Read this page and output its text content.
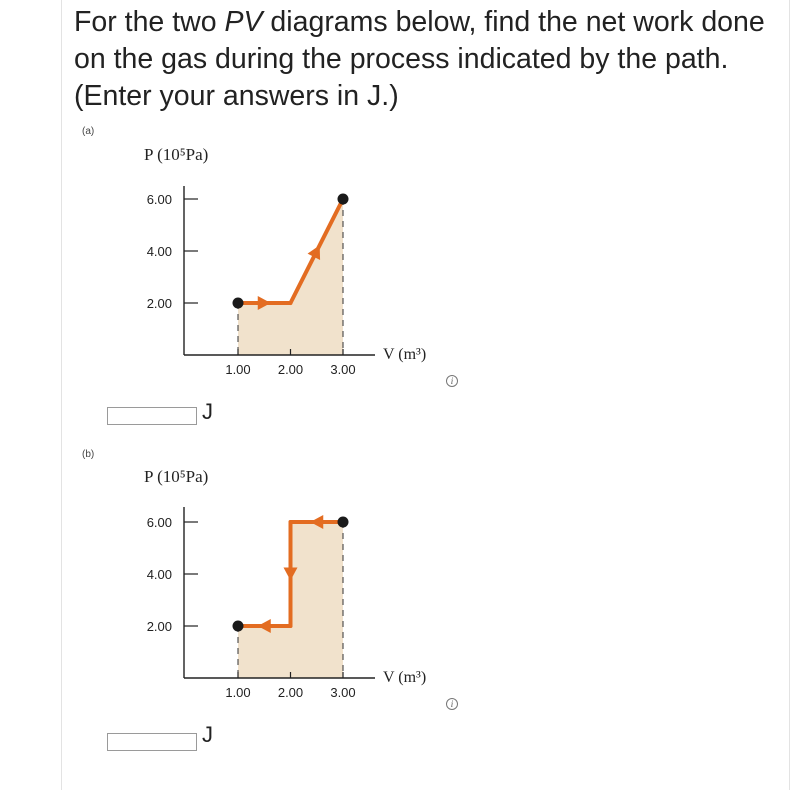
For the two PV diagrams below, find the net work done on the gas during the process indicated by the path. (Enter your answers in J.)

(a)
6.00
4.00
2.00
1.00 2.00 3.00
P (10⁵Pa)
V (m³)
J
i
(b)
6.00
4.00
2.00
1.00 2.00 3.00
P (10⁵Pa)
V (m³)
J
i
